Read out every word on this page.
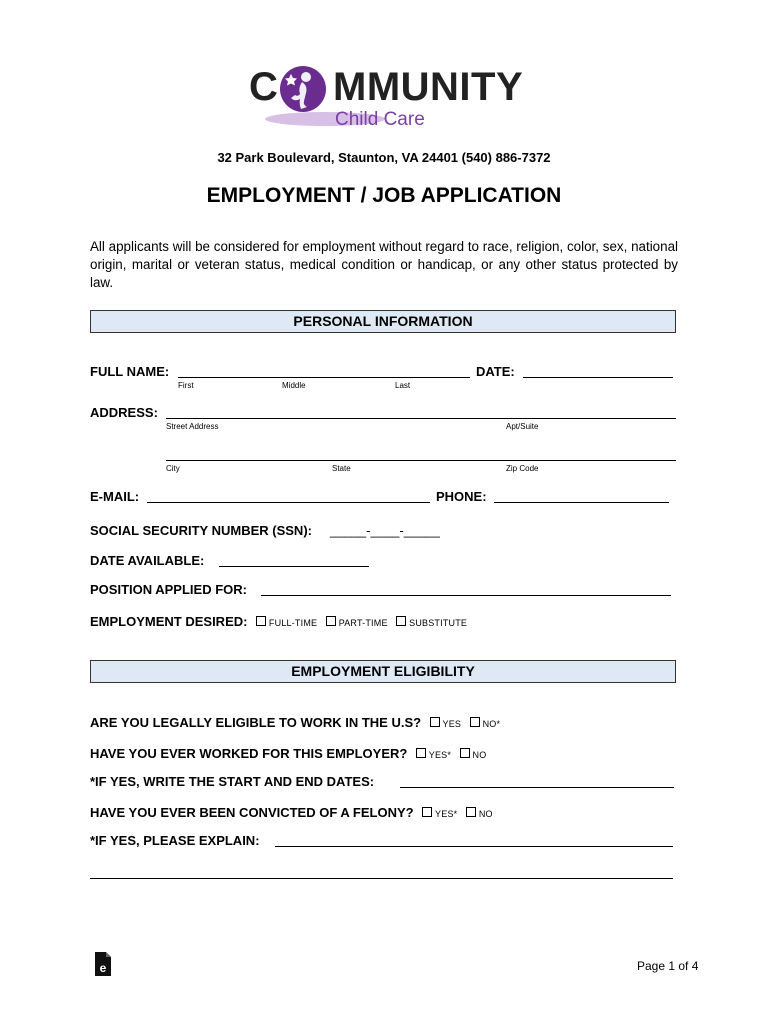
C MMUNITY
Child Care
32 Park Boulevard, Staunton, VA 24401 (540) 886-7372
EMPLOYMENT / JOB APPLICATION
All applicants will be considered for employment without regard to race, religion, color, sex, national origin, marital or veteran status, medical condition or handicap, or any other status protected by law.
PERSONAL INFORMATION
FULL NAME:	DATE:
First	Middle	Last
ADDRESS:
Street Address	Apt/Suite
City	State	Zip Code
E-MAIL:	PHONE:
SOCIAL SECURITY NUMBER (SSN): _____-____-_____
DATE AVAILABLE:
POSITION APPLIED FOR:
EMPLOYMENT DESIRED: FULL-TIME PART-TIME SUBSTITUTE
EMPLOYMENT ELIGIBILITY
ARE YOU LEGALLY ELIGIBLE TO WORK IN THE U.S? YES NO*
HAVE YOU EVER WORKED FOR THIS EMPLOYER? YES* NO
*IF YES, WRITE THE START AND END DATES:
HAVE YOU EVER BEEN CONVICTED OF A FELONY? YES* NO
*IF YES, PLEASE EXPLAIN:
e	Page 1 of 4
